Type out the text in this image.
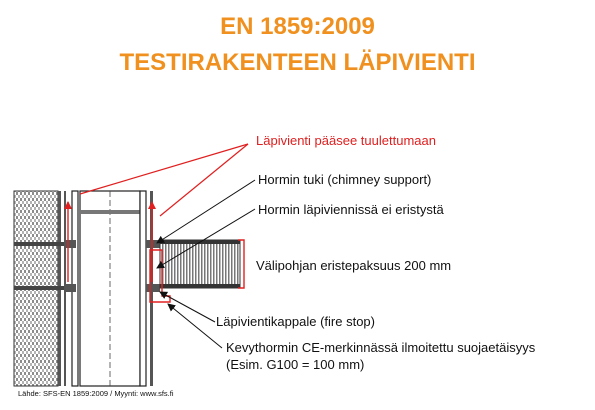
EN 1859:2009
TESTIRAKENTEEN LÄPIVIENTI
Läpivienti pääsee tuulettumaan
Hormin tuki (chimney support)
Hormin läpiviennissä ei eristystä
Välipohjan eristepaksuus 200 mm
Läpivientikappale (fire stop)
Kevythormin CE-merkinnässä ilmoitettu suojaetäisyys
(Esim. G100 = 100 mm)
Lähde: SFS-EN 1859:2009 / Myynti: www.sfs.fi
